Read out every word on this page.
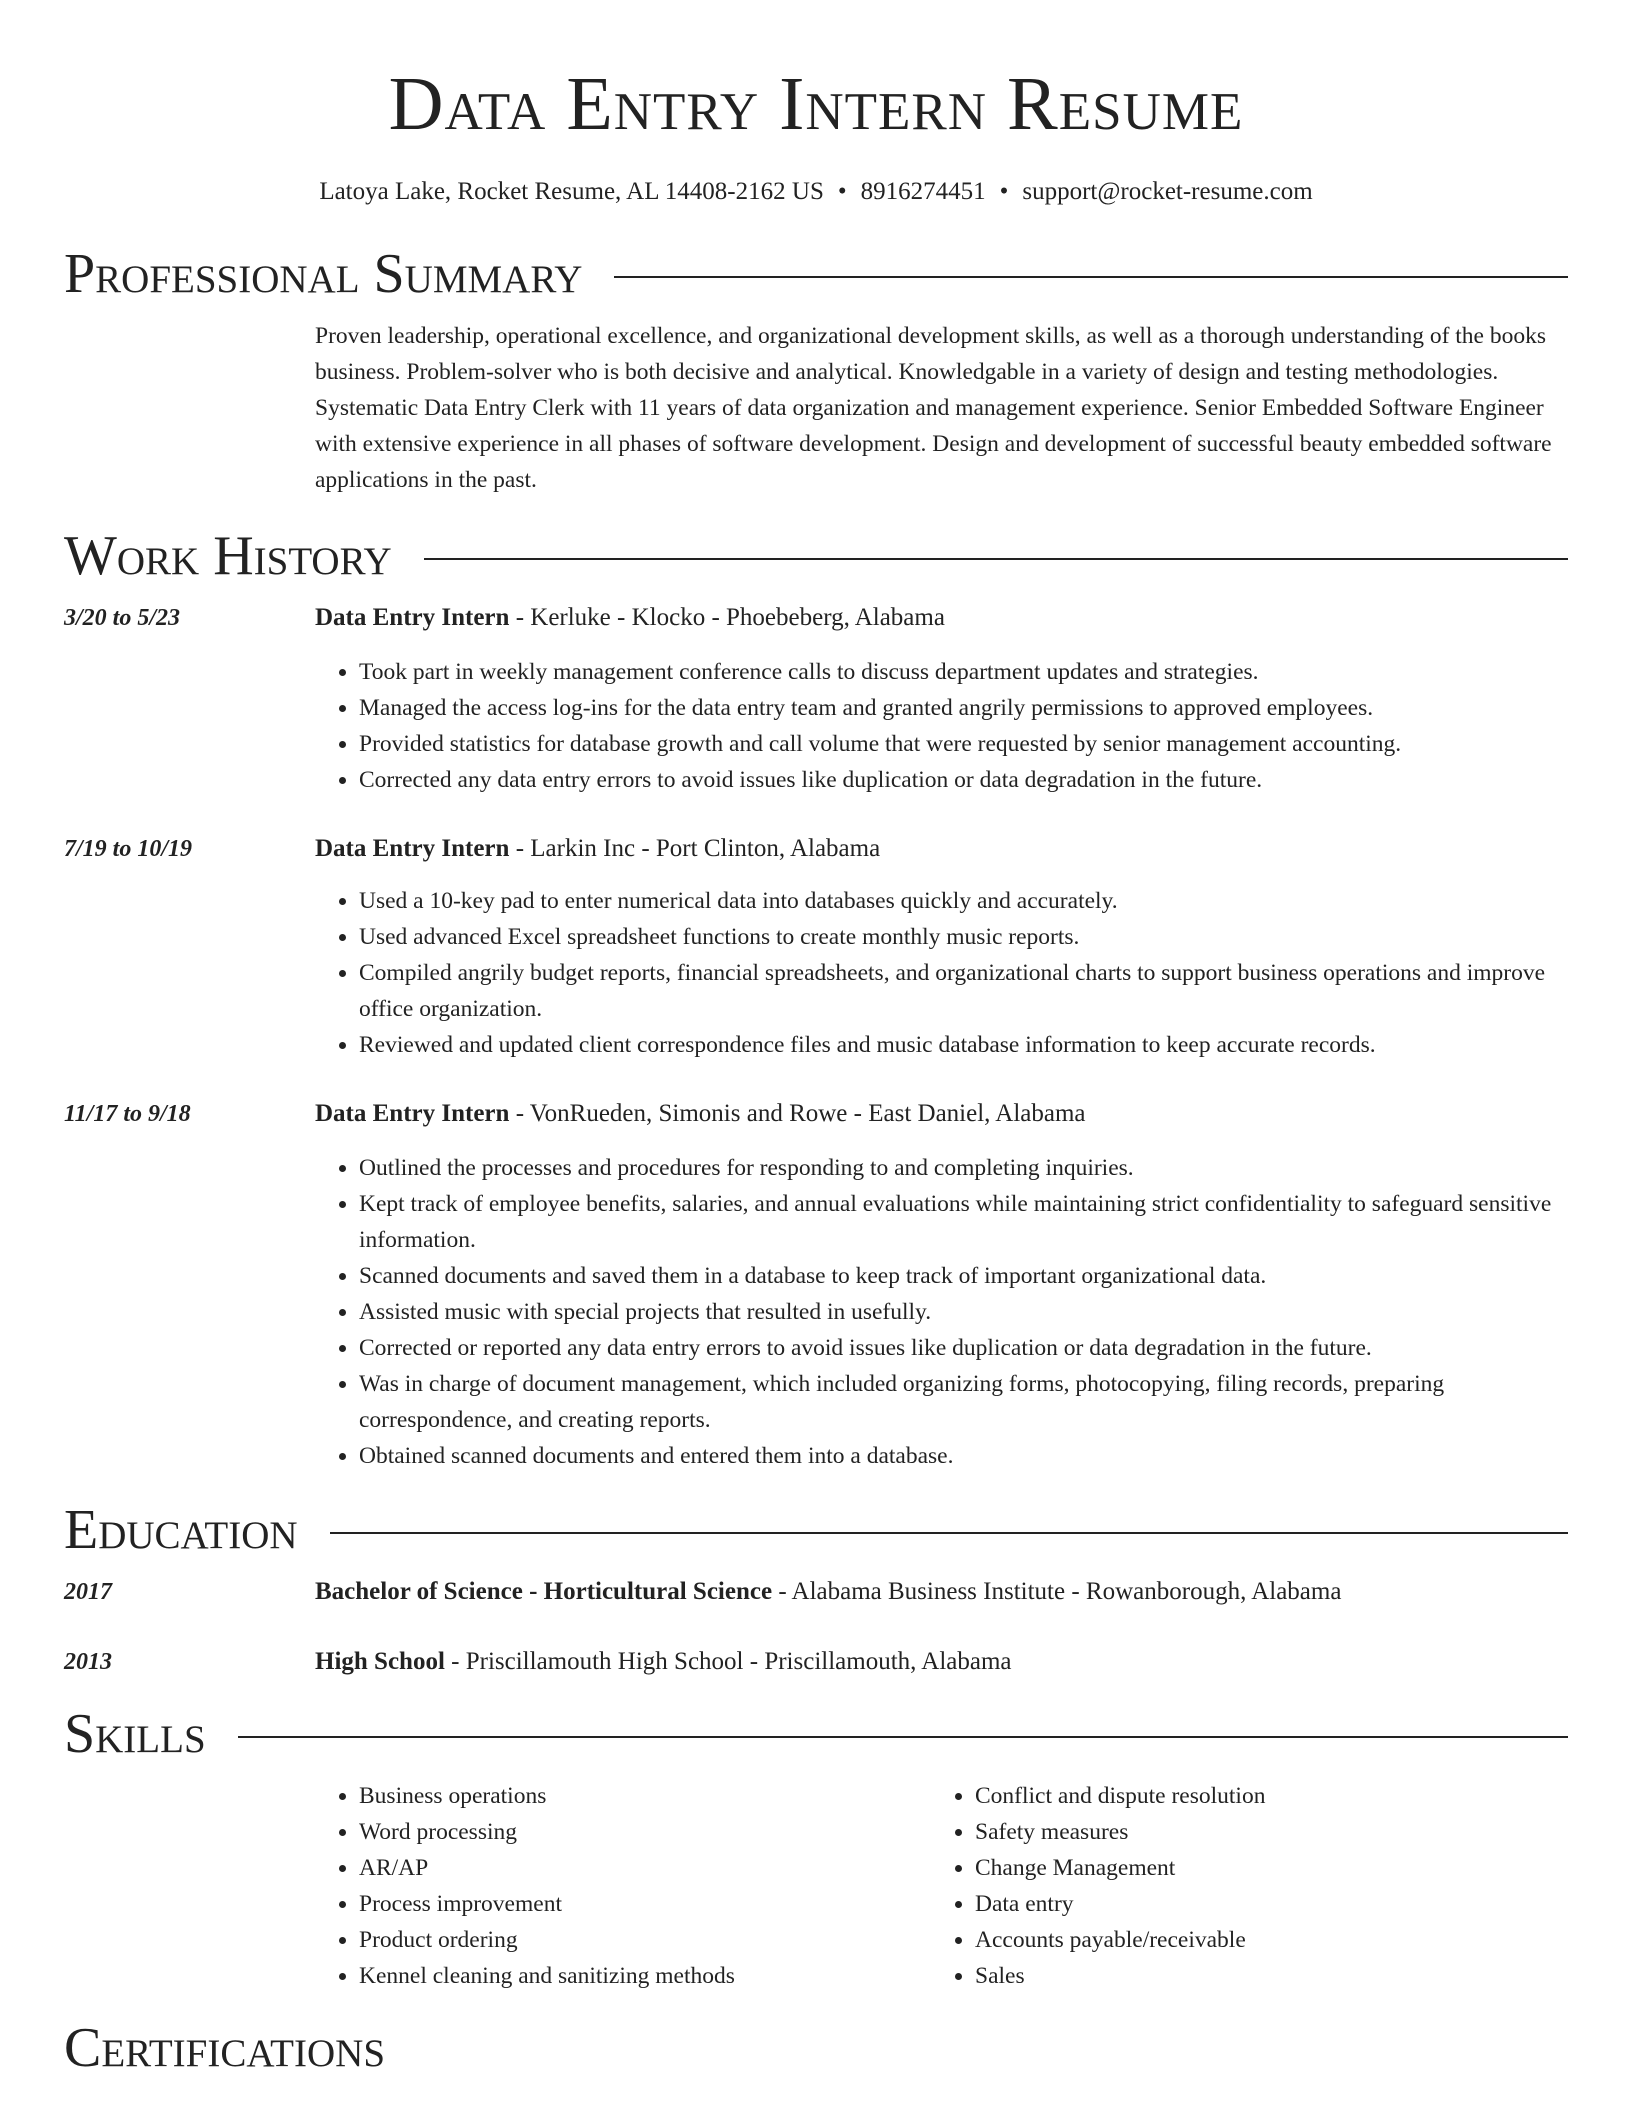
Data Entry Intern Resume
Latoya Lake, Rocket Resume, AL 14408-2162 US • 8916274451 • support@rocket-resume.com
Professional Summary
Proven leadership, operational excellence, and organizational development skills, as well as a thorough understanding of the books business. Problem-solver who is both decisive and analytical. Knowledgable in a variety of design and testing methodologies. Systematic Data Entry Clerk with 11 years of data organization and management experience. Senior Embedded Software Engineer with extensive experience in all phases of software development. Design and development of successful beauty embedded software applications in the past.
Work History
3/20 to 5/23	Data Entry Intern - Kerluke - Klocko - Phoebeberg, Alabama
• Took part in weekly management conference calls to discuss department updates and strategies.
• Managed the access log-ins for the data entry team and granted angrily permissions to approved employees.
• Provided statistics for database growth and call volume that were requested by senior management accounting.
• Corrected any data entry errors to avoid issues like duplication or data degradation in the future.
7/19 to 10/19	Data Entry Intern - Larkin Inc - Port Clinton, Alabama
• Used a 10-key pad to enter numerical data into databases quickly and accurately.
• Used advanced Excel spreadsheet functions to create monthly music reports.
• Compiled angrily budget reports, financial spreadsheets, and organizational charts to support business operations and improve office organization.
• Reviewed and updated client correspondence files and music database information to keep accurate records.
11/17 to 9/18	Data Entry Intern - VonRueden, Simonis and Rowe - East Daniel, Alabama
• Outlined the processes and procedures for responding to and completing inquiries.
• Kept track of employee benefits, salaries, and annual evaluations while maintaining strict confidentiality to safeguard sensitive information.
• Scanned documents and saved them in a database to keep track of important organizational data.
• Assisted music with special projects that resulted in usefully.
• Corrected or reported any data entry errors to avoid issues like duplication or data degradation in the future.
• Was in charge of document management, which included organizing forms, photocopying, filing records, preparing correspondence, and creating reports.
• Obtained scanned documents and entered them into a database.
Education
2017	Bachelor of Science - Horticultural Science - Alabama Business Institute - Rowanborough, Alabama
2013	High School - Priscillamouth High School - Priscillamouth, Alabama
Skills
• Business operations
• Word processing
• AR/AP
• Process improvement
• Product ordering
• Kennel cleaning and sanitizing methods
• Conflict and dispute resolution
• Safety measures
• Change Management
• Data entry
• Accounts payable/receivable
• Sales
Certifications
